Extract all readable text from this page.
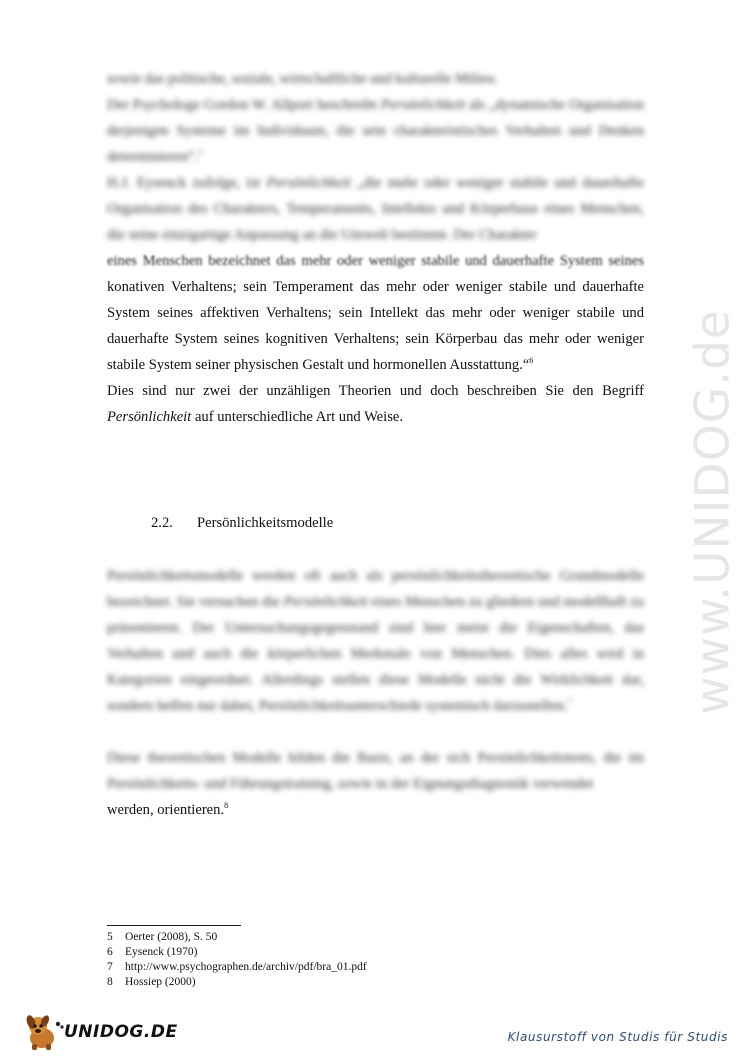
sowie das politische, soziale, wirtschaftliche und kulturelle Milieu.

Der Psychologe Gordon W. Allport beschreibt Persönlichkeit als „dynamische Organisation derjenigen Systeme im Individuum, die sein charakteristisches Verhalten und Denken determinieren“.$^5$

H.J. Eysenck zufolge, ist Persönlichkeit „die mehr oder weniger stabile und dauerhafte Organisation des Charakters, Temperaments, Intellekts und Körperbaus eines Menschen, die seine einzigartige Anpassung an die Umwelt bestimmt. Der Charakter
eines Menschen bezeichnet das mehr oder weniger stabile und dauerhafte System seines
konativen Verhaltens; sein Temperament das mehr oder weniger stabile und dauerhafte System seines affektiven Verhaltens; sein Intellekt das mehr oder weniger stabile und dauerhafte System seines kognitiven Verhaltens; sein Körperbau das mehr oder weniger stabile System seiner physischen Gestalt und hormonellen Ausstattung.“$^6$
Dies sind nur zwei der unzähligen Theorien und doch beschreiben Sie den Begriff Persönlichkeit auf unterschiedliche Art und Weise.
2.2. Persönlichkeitsmodelle

Persönlichkeitsmodelle werden oft auch als persönlichkeitstheoretische Grundmodelle bezeichnet. Sie versuchen die Persönlichkeit eines Menschen zu gliedern und modellhaft zu präsentieren. Der Untersuchungsgegenstand sind hier meist die Eigenschaften, das Verhalten und auch die körperlichen Merkmale von Menschen. Dies alles wird in Kategorien eingeordnet. Allerdings stellen diese Modelle nicht die Wirklichkeit dar, sondern helfen nur dabei, Persönlichkeitsunterschiede systemisch darzustellen.$^7$

Diese theoretischen Modelle bilden die Basis, an der sich Persönlichkeitstests, die im Persönlichkeits- und Führungstraining, sowie in der Eignungsdiagnostik verwendet
werden, orientieren.$^8$
5 Oerter (2008), S. 50
6 Eysenck (1970)
7 http://www.psychographen.de/archiv/pdf/bra_01.pdf
8 Hossiep (2000)
www.UNIDOG.de
UNIDOG.DE	Klausurstoff von Studis für Studis
